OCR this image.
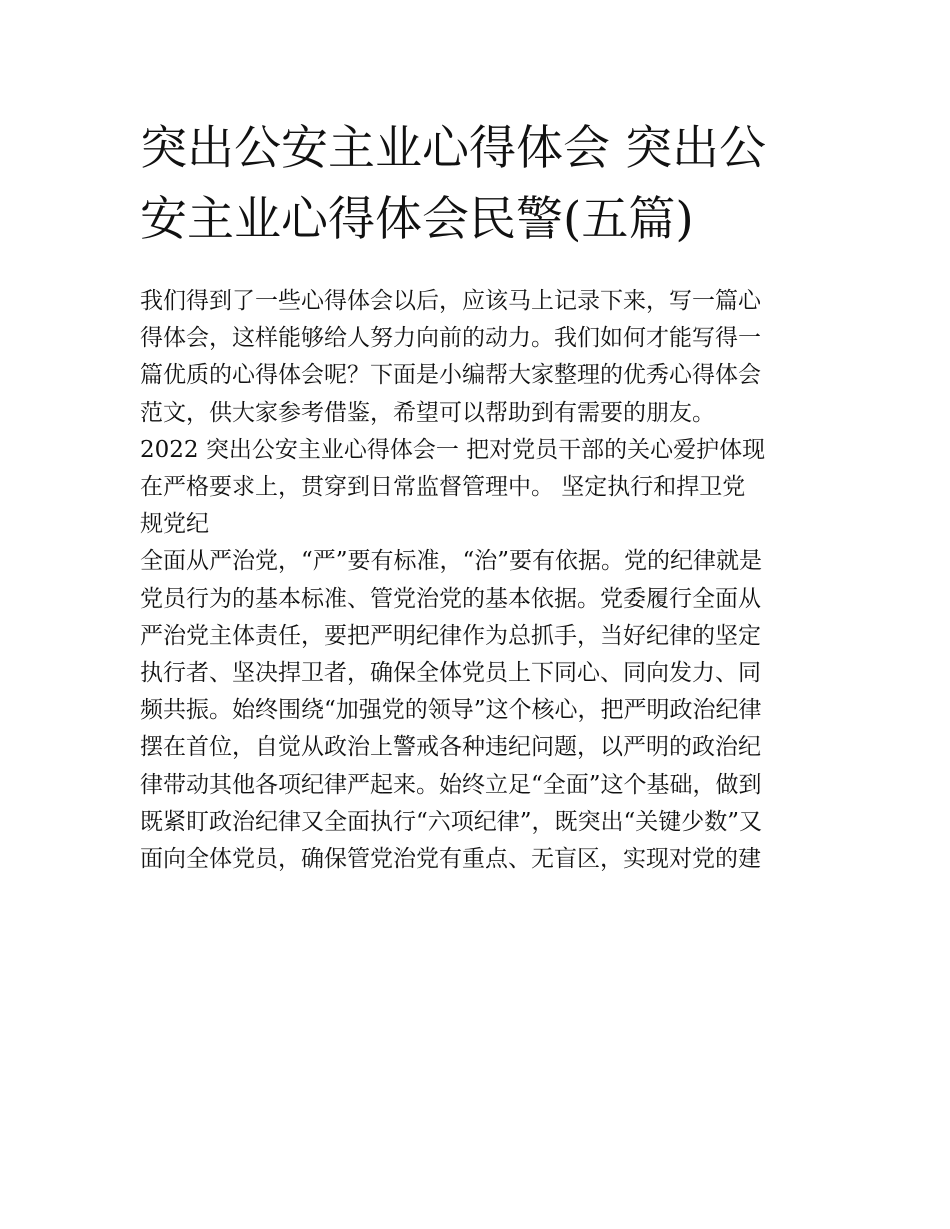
突出公安主业心得体会 突出公
安主业心得体会民警(五篇)

我们得到了一些心得体会以后，应该马上记录下来，写一篇心
得体会，这样能够给人努力向前的动力。我们如何才能写得一
篇优质的心得体会呢？下面是小编帮大家整理的优秀心得体会
范文，供大家参考借鉴，希望可以帮助到有需要的朋友。

2022 突出公安主业心得体会一 把对党员干部的关心爱护体现
在严格要求上，贯穿到日常监督管理中。 坚定执行和捍卫党
规党纪

全面从严治党，“严”要有标准，“治”要有依据。党的纪律就是
党员行为的基本标准、管党治党的基本依据。党委履行全面从
严治党主体责任，要把严明纪律作为总抓手，当好纪律的坚定
执行者、坚决捍卫者，确保全体党员上下同心、同向发力、同
频共振。始终围绕“加强党的领导”这个核心，把严明政治纪律
摆在首位，自觉从政治上警戒各种违纪问题，以严明的政治纪
律带动其他各项纪律严起来。始终立足“全面”这个基础，做到
既紧盯政治纪律又全面执行“六项纪律”，既突出“关键少数”又
面向全体党员，确保管党治党有重点、无盲区，实现对党的建
